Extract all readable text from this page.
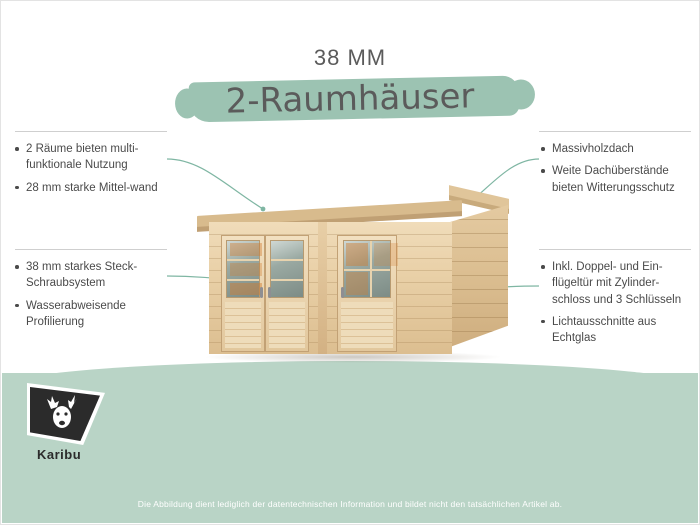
Die Abbildung dient lediglich der datentechnischen Information und bildet nicht den tatsächlichen Artikel ab.
38 MM
2-Raumhäuser
2 Räume bieten multi-funktionale Nutzung
28 mm starke Mittel-wand
38 mm starkes Steck-Schraubsystem
Wasserabweisende Profilierung
Massivholzdach
Weite Dachüberstände bieten Witterungsschutz
Inkl. Doppel- und Ein-flügeltür mit Zylinder-schloss und 3 Schlüsseln
Lichtausschnitte aus Echtglas
Karibu
